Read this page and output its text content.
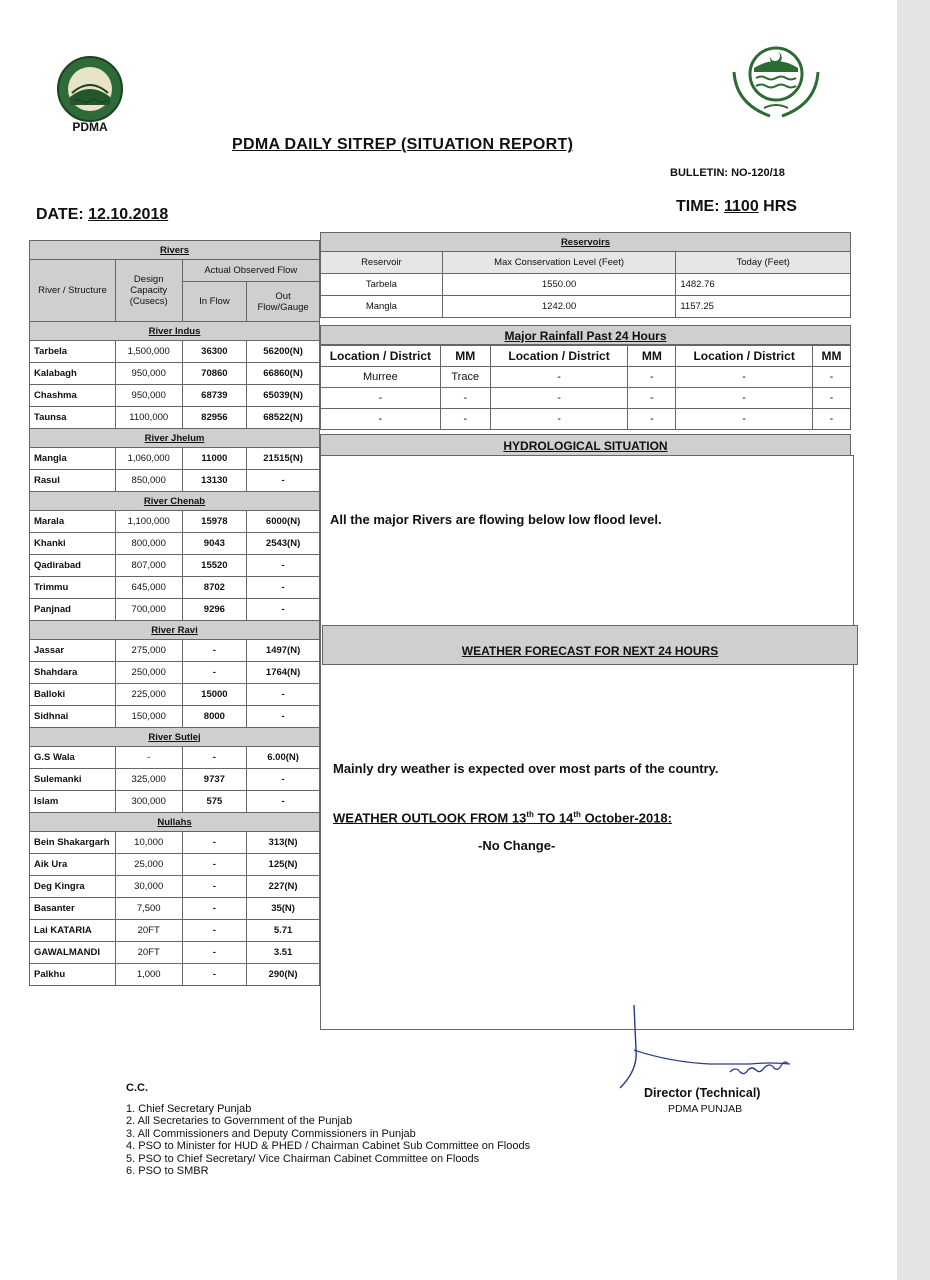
PDMA
PDMA DAILY SITREP (SITUATION REPORT)
BULLETIN: NO-120/18
DATE: 12.10.2018	TIME: 1100 HRS
Rivers			
River / Structure	Design Capacity (Cusecs)	Actual Observed Flow	
		In Flow	Out Flow/Gauge
River Indus			
Tarbela	1,500,000	36300	56200(N)
Kalabagh	950,000	70860	66860(N)
Chashma	950,000	68739	65039(N)
Taunsa	1100,000	82956	68522(N)
River Jhelum			
Mangla	1,060,000	11000	21515(N)
Rasul	850,000	13130	-
River Chenab			
Marala	1,100,000	15978	6000(N)
Khanki	800,000	9043	2543(N)
Qadirabad	807,000	15520	-
Trimmu	645,000	8702	-
Panjnad	700,000	9296	-
River Ravi			
Jassar	275,000	-	1497(N)
Shahdara	250,000	-	1764(N)
Balloki	225,000	15000	-
Sidhnai	150,000	8000	-
River Sutlej			
G.S Wala	-	-	6.00(N)
Sulemanki	325,000	9737	-
Islam	300,000	575	-
Nullahs			
Bein Shakargarh	10,000	-	313(N)
Aik Ura	25,000	-	125(N)
Deg Kingra	30,000	-	227(N)
Basanter	7,500	-	35(N)
Lai KATARIA	20FT	-	5.71
GAWALMANDI	20FT	-	3.51
Palkhu	1,000	-	290(N)
Reservoirs		
Reservoir	Max Conservation Level (Feet)	Today (Feet)
Tarbela	1550.00	1482.76
Mangla	1242.00	1157.25
Major Rainfall Past 24 Hours
Location / District	MM	Location / District	MM	Location / District	MM
Murree	Trace	-	-	-	-
-	-	-	-	-	-
-	-	-	-	-	-
HYDROLOGICAL SITUATION
All the major Rivers are flowing below low flood level.
WEATHER FORECAST FOR NEXT 24 HOURS
Mainly dry weather is expected over most parts of the country.
WEATHER OUTLOOK FROM 13th TO 14th October-2018:
-No Change-
Director (Technical)
PDMA PUNJAB
C.C.
1. Chief Secretary Punjab
2. All Secretaries to Government of the Punjab
3. All Commissioners and Deputy Commissioners in Punjab
4. PSO to Minister for HUD & PHED / Chairman Cabinet Sub Committee on Floods
5. PSO to Chief Secretary/ Vice Chairman Cabinet Committee on Floods
6. PSO to SMBR
